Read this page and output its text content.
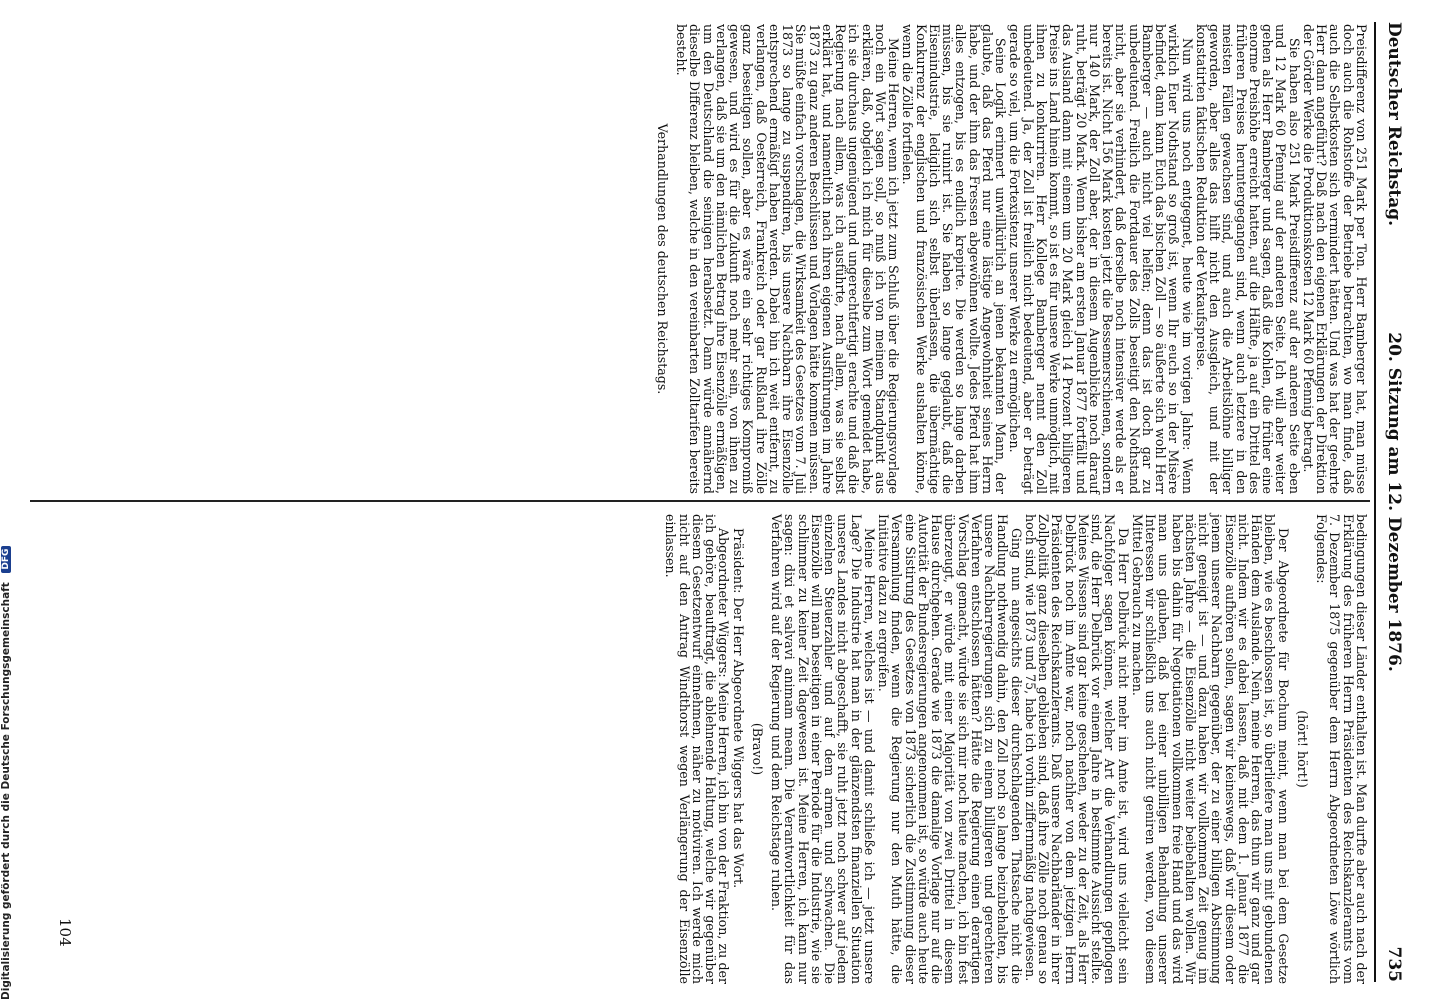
Deutscher Reichstag.
20. Sitzung am 12. Dezember 1876.
735

Preisdifferenz von 251 Mark per Ton. Herr Bamberger hat, man müsse doch auch die Rohstoffe der Betriebe betrachten, wo man finde, daß auch die Selbstkosten sich vermindert hätten. Und was hat der geehrte Herr dann angeführt? Daß nach den eigenen Erklärungen der Direktion der Görder Werke die Produktionskosten 12 Mark 60 Pfennig betragt.

Sie haben also 251 Mark Preisdifferenz auf der anderen Seite eben und 12 Mark 60 Pfennig auf der anderen Seite. Ich will aber weiter gehen als Herr Bamberger und sagen, daß die Kohlen, die früher eine enorme Preishöhe erreicht hatten, auf die Hälfte, ja auf ein Drittel des früheren Preises heruntergegangen sind, wenn auch letztere in den meisten Fällen gewachsen sind, und auch die Arbeitslöhne billiger geworden, aber alles das hilft nicht den Ausgleich, und mit der konstatirten faktischen Reduktion der Verkaufspreise.

Nun wird uns noch entgegnet, heute wie im vorigen Jahre: Wenn wirklich Euer Nothstand so groß ist, wenn Ihr euch so in der Misère befindet, dann kann Euch das bischen Zoll — so äußerte sich wohl Herr Bamberger — auch nicht viel helfen; denn das ist doch gar zu unbedeutend. Freilich die Fortdauer des Zolls beseitigt den Nothstand nicht, aber sie verhindert, daß derselbe noch intensiver werde als er bereits ist. Nicht 156 Mark kosten jetzt die Bessemerschienen, sondern nur 140 Mark, der Zoll aber, der in diesem Augenblicke noch darauf ruht, beträgt 20 Mark. Wenn bisher am ersten Januar 1877 fortfällt und das Ausland dann mit einem um 20 Mark gleich 14 Prozent billigeren Preise ins Land hinein kommt, so ist es für unsere Werke unmöglich, mit ihnen zu konkurriren. Herr Kollege Bamberger nennt den Zoll unbedeutend. Ja, der Zoll ist freilich nicht bedeutend, aber er beträgt gerade so viel, um die Fortexistenz unserer Werke zu ermöglichen.

Seine Logik erinnert unwillkürlich an jenen bekannten Mann, der glaubte, daß das Pferd nur eine lästige Angewohnheit seines Herrn habe, und der ihm das Fressen abgewöhnen wollte. Jedes Pferd hat ihm alles entzogen, bis es endlich krepirte. Die werden so lange darben müssen, bis sie ruinirt ist. Sie haben so lange geglaubt, daß die Eisenindustrie, lediglich sich selbst überlassen, die übermächtige Konkurrenz der englischen und französischen Werke aushalten könne, wenn die Zölle fortfielen.

Meine Herren, wenn ich jetzt zum Schluß über die Regierungsvorlage noch ein Wort sagen soll, so muß ich von meinem Standpunkt aus erklären, daß, obgleich ich mich für dieselbe zum Wort gemeldet habe, ich sie durchaus ungenügend und ungerechtfertigt erachte und daß die Regierung nach allem, was ich ausführte, nach allem, was sie selbst erklärt hat, und namentlich nach ihren eigenen Ausführungen im Jahre 1873 zu ganz anderen Beschlüssen und Vorlagen hätte kommen müssen. Sie müßte einfach vorschlagen, die Wirksamkeit des Gesetzes vom 7. Juli 1873 so lange zu suspendiren, bis unsere Nachbarn ihre Eisenzölle entsprechend ermäßigt haben werden. Dabei bin ich weit entfernt, zu verlangen, daß Oesterreich, Frankreich oder gar Rußland ihre Zölle ganz beseitigen sollen, aber es wäre ein sehr richtiges Kompromiß gewesen, und wird es für die Zukunft noch mehr sein, von ihnen zu verlangen, daß sie um den nämlichen Betrag ihre Eisenzölle ermäßigen, um den Deutschland die seinigen herabsetzt. Dann würde annähernd dieselbe Differenz bleiben, welche in den vereinbarten Zolltarifen bereits besteht.

Verhandlungen des deutschen Reichstags.

bedingungen dieser Länder enthalten ist. Man durfte aber auch nach der Erklärung des früheren Herrn Präsidenten des Reichskanzleramts vom 7. Dezember 1875 gegenüber dem Herrn Abgeordneten Löwe wörtlich Folgendes:

(hört! hört!)

Der Abgeordnete für Bochum meint, wenn man bei dem Gesetze bleiben, wie es beschlossen ist, so überliefere man uns mit gebundenen Händen dem Auslande. Nein, meine Herren, das thun wir ganz und gar nicht. Indem wir es dabei lassen, daß mit dem 1. Januar 1877 die Eisenzölle aufhören sollen, sagen wir keineswegs, daß wir diesem oder jenem unserer Nachbarn gegenüber, der zu einer billigen Abstimmung nicht geneigt ist — und dazu haben wir vollkommen Zeit genug im nächsten Jahre — die Eisenzölle nicht weiter beibehalten wollen. Wir haben bis dahin für Negotiationen vollkommen freie Hand und das wird man uns glauben, daß bei einer unbilligen Behandlung unserer Interessen wir schließlich uns auch nicht geniren werden, von diesem Mittel Gebrauch zu machen.

Da Herr Delbrück nicht mehr im Amte ist, wird uns vielleicht sein Nachfolger sagen können, welcher Art die Verhandlungen gepflogen sind, die Herr Delbrück vor einem Jahre in bestimmte Aussicht stellte. Meines Wissens sind gar keine geschehen, weder zu der Zeit, als Herr Delbrück noch im Amte war, noch nachher von dem jetzigen Herrn Präsidenten des Reichskanzleramts. Daß unsere Nachbarländer in ihrer Zollpolitik ganz dieselben geblieben sind, daß ihre Zölle noch genau so hoch sind, wie 1873 und 75, habe ich vorhin ziffernmäßig nachgewiesen.

Ging nun angesichts dieser durchschlagenden Thatsache nicht die Handlung nothwendig dahin, den Zoll noch so lange beizubehalten, bis unsere Nachbarregierungen sich zu einem billigeren und gerechteren Verfahren entschlossen hätten? Hätte die Regierung einen derartigen Vorschlag gemacht, würde sie sich mir noch heute machen, ich bin fest überzeugt, er würde mit einer Majorität von zwei Drittel in diesem Hause durchgehen. Gerade wie 1873 die damalige Vorlage nur auf die Autorität der Bundesregierungen angenommen ist, so würde auch heute eine Sistirung des Gesetzes von 1873 sicherlich die Zustimmung dieser Versammlung finden, wenn die Regierung nur den Muth hätte, die Initiative dazu zu ergreifen.

Meine Herren, welches ist — und damit schließe ich — jetzt unsere Lage? Die Industrie hat man in der glänzendsten finanziellen Situation unseres Landes nicht abgeschafft, sie ruht jetzt noch schwer auf jedem einzelnen Steuerzahler und auf dem armen und schwachen. Die Eisenzölle will man beseitigen in einer Periode für die Industrie, wie sie schlimmer zu keiner Zeit dagewesen ist. Meine Herren, ich kann nur sagen: dixi et salvavi animam meam. Die Verantwortlichkeit für das Verfahren wird auf der Regierung und dem Reichstage ruhen.

(Bravo!)

Präsident: Der Herr Abgeordnete Wiggers hat das Wort.

Abgeordneter Wiggers: Meine Herren, ich bin von der Fraktion, zu der ich gehöre, beauftragt, die ablehnende Haltung, welche wir gegenüber diesem Gesetzentwurf einnehmen, näher zu motiviren. Ich werde mich nicht auf den Antrag Windthorst wegen Verlängerung der Eisenzölle einlassen.

104
Digitalisierung gefördert durch die Deutsche Forschungsgemeinschaft DFG
